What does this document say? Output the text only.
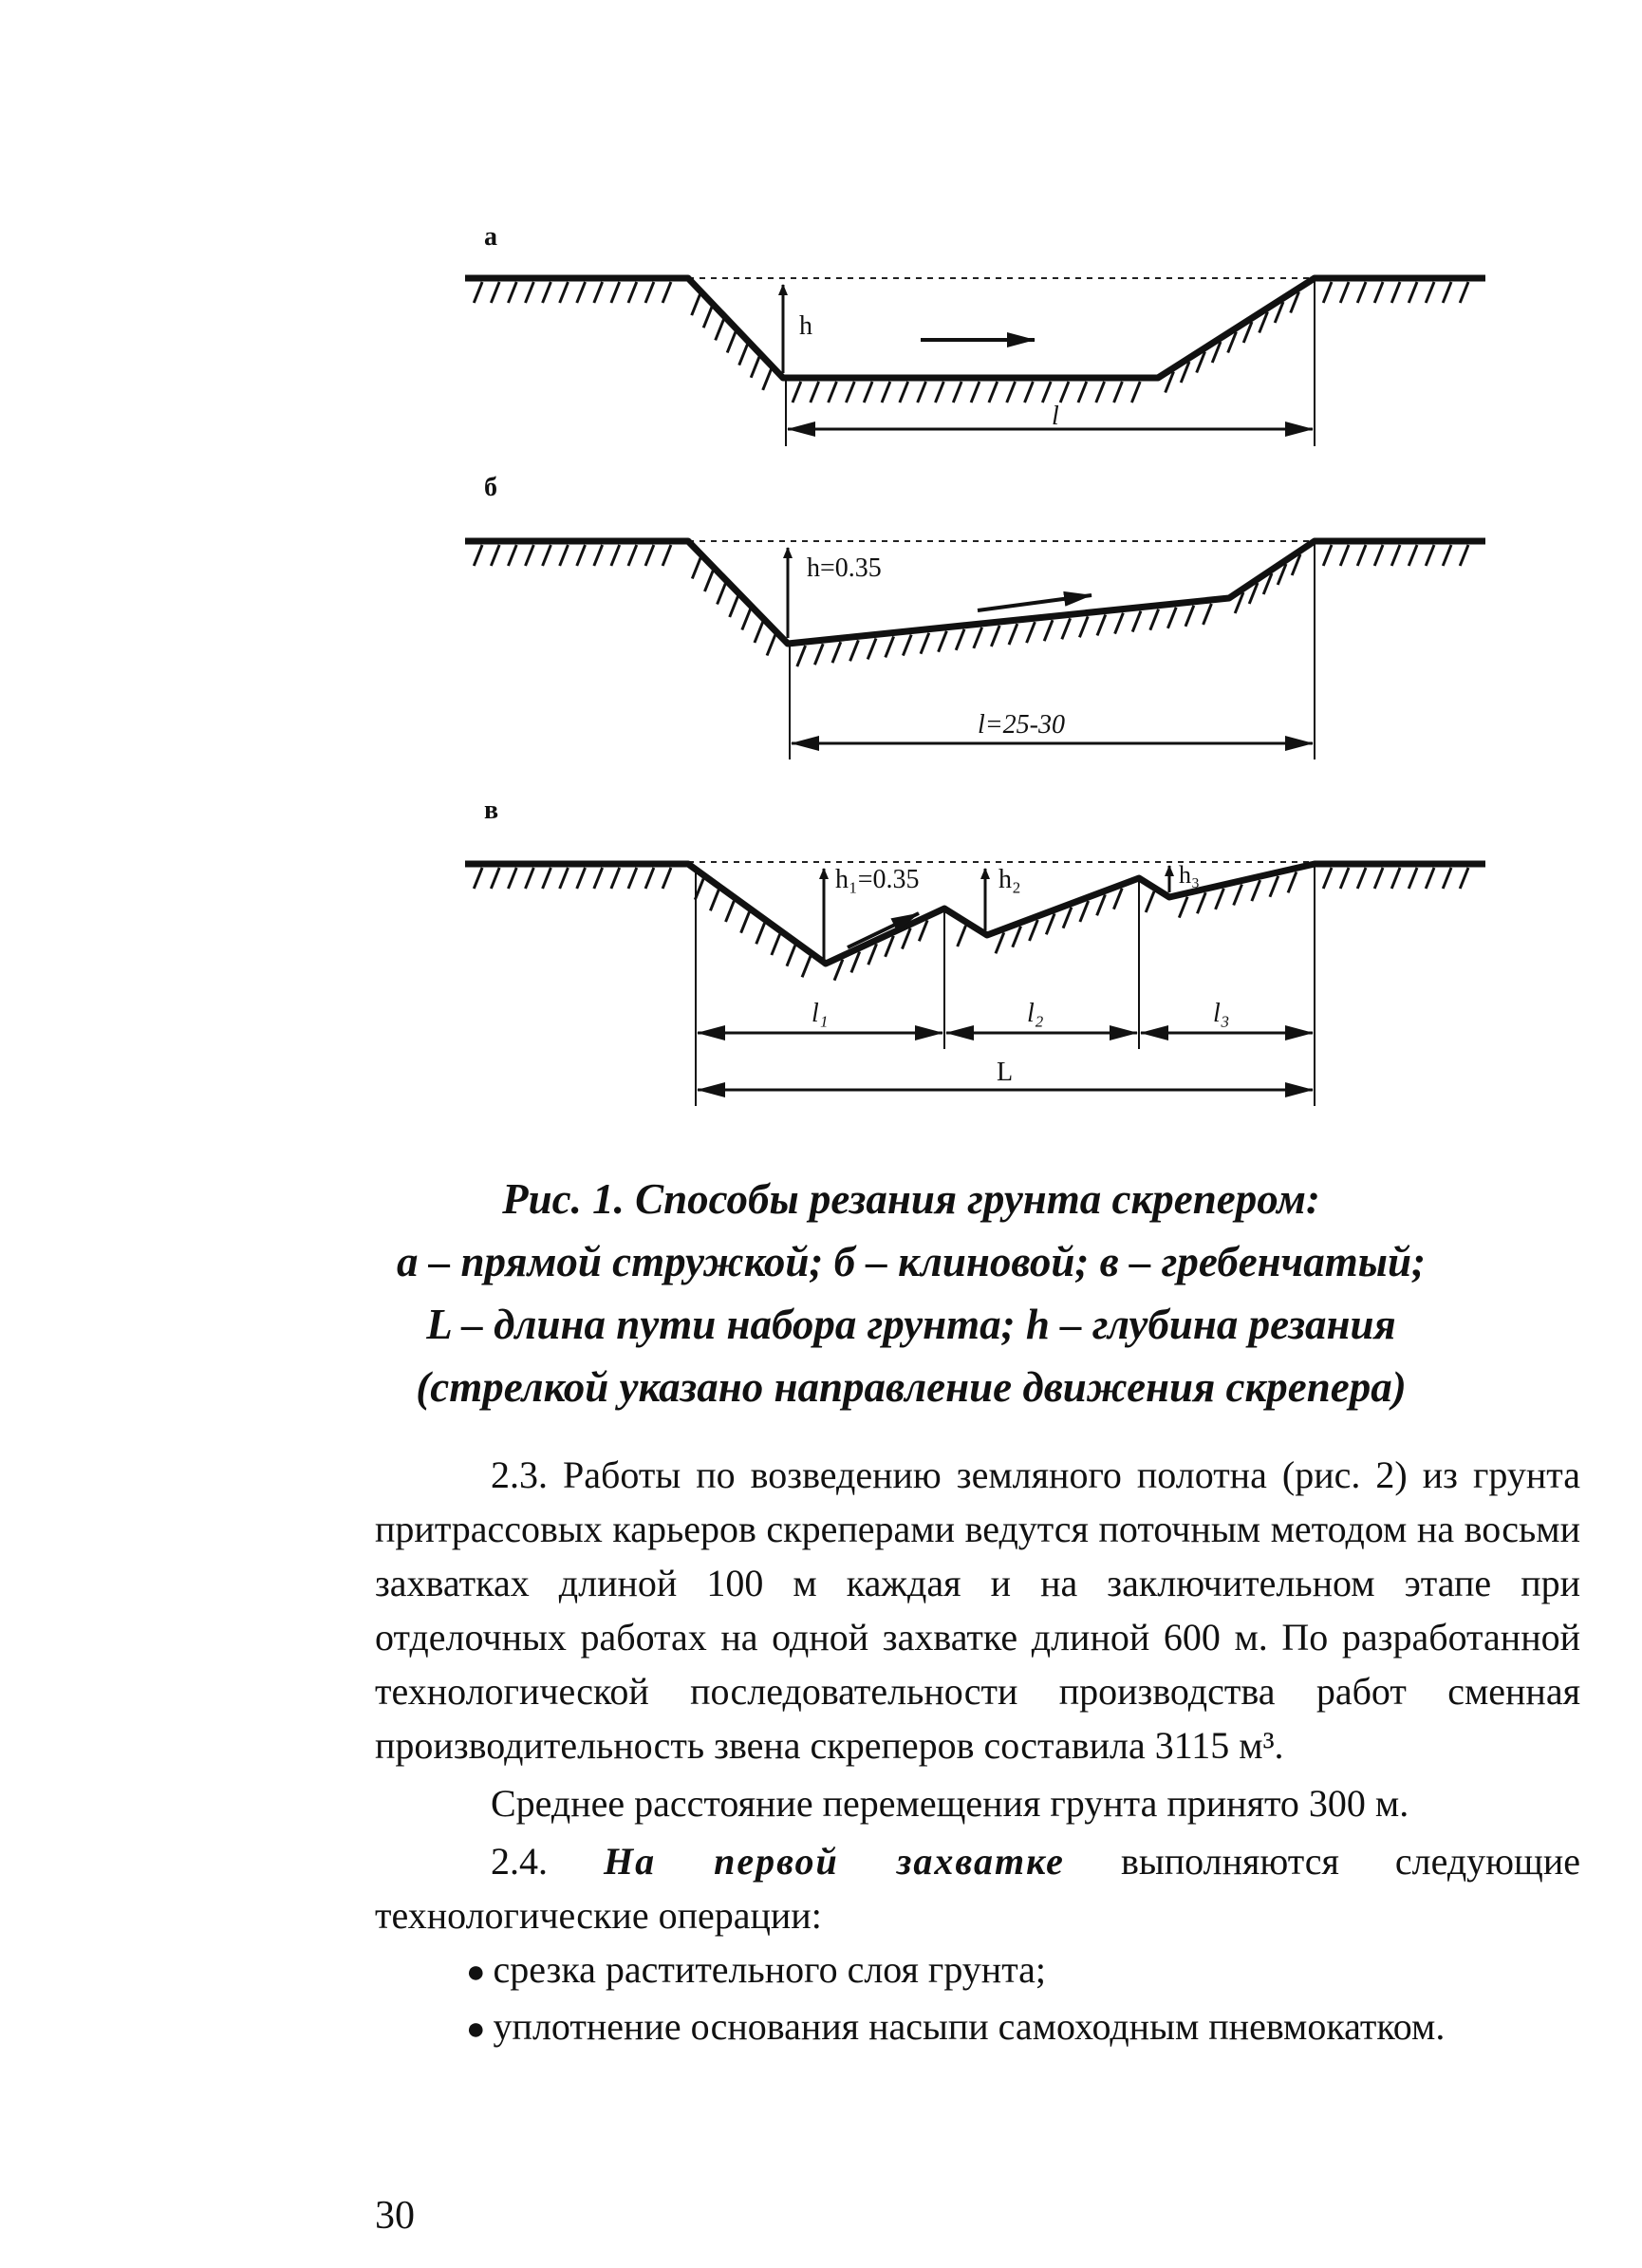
а
h
l
б
h=0.35
l=25-30
в
h₁=0.35	h₂	h₃
l₁	l₂	l₃
L
Рис. 1. Способы резания грунта скрепером:
а – прямой стружкой; б – клиновой; в – гребенчатый;
L – длина пути набора грунта; h – глубина резания
(стрелкой указано направление движения скрепера)

2.3. Работы по возведению земляного полотна (рис. 2) из грунта притрассовых карьеров скреперами ведутся поточным методом на восьми захватках длиной 100 м каждая и на заключительном этапе при отделочных работах на одной захватке длиной 600 м. По разработанной технологической последовательности производства работ сменная производительность звена скреперов составила 3115 м³.

Среднее расстояние перемещения грунта принято 300 м.

2.4. На первой захватке выполняются следующие технологические операции:

● срезка растительного слоя грунта;

● уплотнение основания насыпи самоходным пневмокатком.

30
